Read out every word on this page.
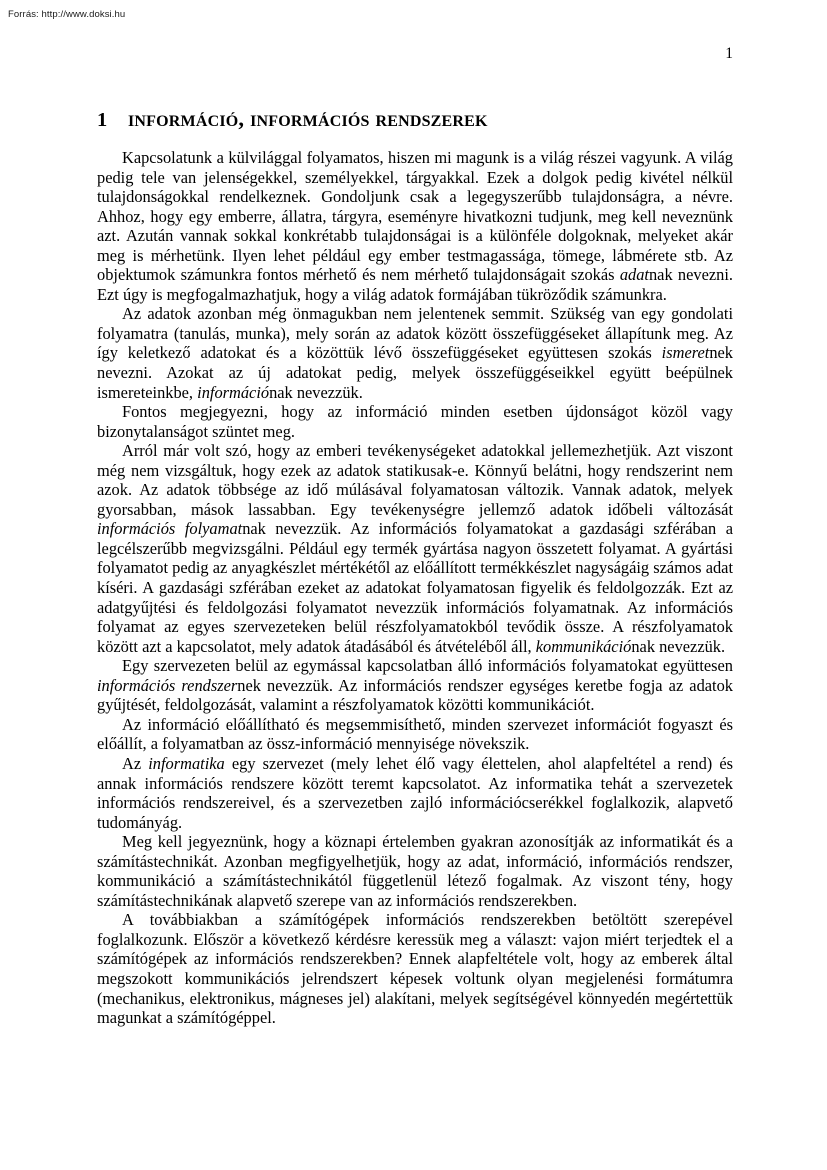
Forrás: http://www.doksi.hu
1
1 információ, információs rendszerek

Kapcsolatunk a külvilággal folyamatos, hiszen mi magunk is a világ részei vagyunk. A világ pedig tele van jelenségekkel, személyekkel, tárgyakkal. Ezek a dolgok pedig kivétel nélkül tulajdonságokkal rendelkeznek. Gondoljunk csak a legegyszerűbb tulajdonságra, a névre. Ahhoz, hogy egy emberre, állatra, tárgyra, eseményre hivatkozni tudjunk, meg kell neveznünk azt. Azután vannak sokkal konkrétabb tulajdonságai is a különféle dolgoknak, melyeket akár meg is mérhetünk. Ilyen lehet például egy ember testmagassága, tömege, lábmérete stb. Az objektumok számunkra fontos mérhető és nem mérhető tulajdonságait szokás adatnak nevezni. Ezt úgy is megfogalmazhatjuk, hogy a világ adatok formájában tükröződik számunkra.

Az adatok azonban még önmagukban nem jelentenek semmit. Szükség van egy gondolati folyamatra (tanulás, munka), mely során az adatok között összefüggéseket állapítunk meg. Az így keletkező adatokat és a közöttük lévő összefüggéseket együttesen szokás ismeretnek nevezni. Azokat az új adatokat pedig, melyek összefüggéseikkel együtt beépülnek ismereteinkbe, információnak nevezzük.

Fontos megjegyezni, hogy az információ minden esetben újdonságot közöl vagy bizonytalanságot szüntet meg.

Arról már volt szó, hogy az emberi tevékenységeket adatokkal jellemezhetjük. Azt viszont még nem vizsgáltuk, hogy ezek az adatok statikusak-e. Könnyű belátni, hogy rendszerint nem azok. Az adatok többsége az idő múlásával folyamatosan változik. Vannak adatok, melyek gyorsabban, mások lassabban. Egy tevékenységre jellemző adatok időbeli változását információs folyamatnak nevezzük. Az információs folyamatokat a gazdasági szférában a legcélszerűbb megvizsgálni. Például egy termék gyártása nagyon összetett folyamat. A gyártási folyamatot pedig az anyagkészlet mértékétől az előállított termékkészlet nagyságáig számos adat kíséri. A gazdasági szférában ezeket az adatokat folyamatosan figyelik és feldolgozzák. Ezt az adatgyűjtési és feldolgozási folyamatot nevezzük információs folyamatnak. Az információs folyamat az egyes szervezeteken belül részfolyamatokból tevődik össze. A részfolyamatok között azt a kapcsolatot, mely adatok átadásából és átvételéből áll, kommunikációnak nevezzük.

Egy szervezeten belül az egymással kapcsolatban álló információs folyamatokat együttesen információs rendszernek nevezzük. Az információs rendszer egységes keretbe fogja az adatok gyűjtését, feldolgozását, valamint a részfolyamatok közötti kommunikációt.

Az információ előállítható és megsemmisíthető, minden szervezet információt fogyaszt és előállít, a folyamatban az össz-információ mennyisége növekszik.

Az informatika egy szervezet (mely lehet élő vagy élettelen, ahol alapfeltétel a rend) és annak információs rendszere között teremt kapcsolatot. Az informatika tehát a szervezetek információs rendszereivel, és a szervezetben zajló információcserékkel foglalkozik, alapvető tudományág.

Meg kell jegyeznünk, hogy a köznapi értelemben gyakran azonosítják az informatikát és a számítástechnikát. Azonban megfigyelhetjük, hogy az adat, információ, információs rendszer, kommunikáció a számítástechnikától függetlenül létező fogalmak. Az viszont tény, hogy számítástechnikának alapvető szerepe van az információs rendszerekben.

A továbbiakban a számítógépek információs rendszerekben betöltött szerepével foglalkozunk. Először a következő kérdésre keressük meg a választ: vajon miért terjedtek el a számítógépek az információs rendszerekben? Ennek alapfeltétele volt, hogy az emberek által megszokott kommunikációs jelrendszert képesek voltunk olyan megjelenési formátumra (mechanikus, elektronikus, mágneses jel) alakítani, melyek segítségével könnyedén megértettük magunkat a számítógéppel.
